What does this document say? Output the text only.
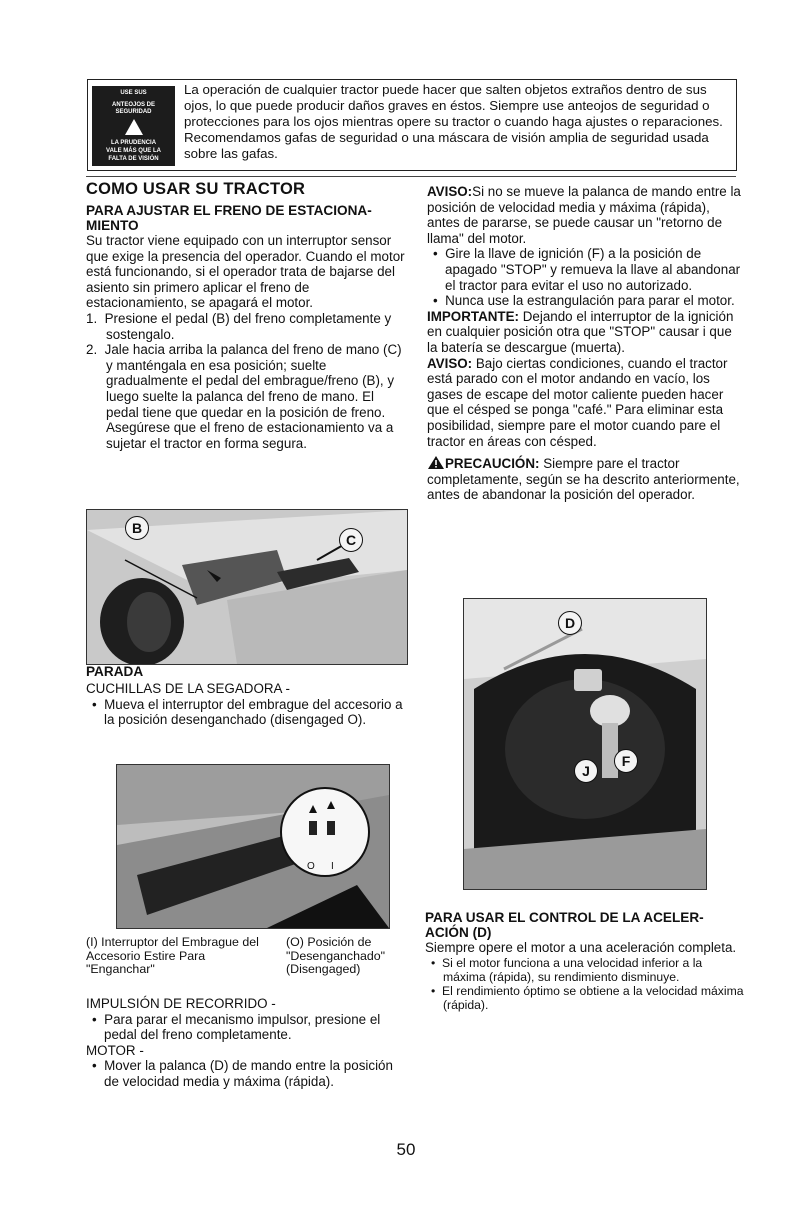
USE SUS
ANTEOJOS DE
SEGURIDAD
LA PRUDENCIA
VALE MÁS QUE LA
FALTA DE VISIÓN
La operación de cualquier tractor puede hacer que salten objetos extraños dentro de sus ojos, lo que puede producir daños graves en éstos. Siempre use anteojos de seguridad o protecciones para los ojos mientras opere su tractor o cuando haga ajustes o reparaciones. Recomendamos gafas de seguridad o una máscara de visión amplia de seguridad usada sobre las gafas.
COMO USAR SU TRACTOR
PARA AJUSTAR EL FRENO DE ESTACIONA-MIENTO

Su tractor viene equipado con un interruptor sensor que exige la presencia del operador. Cuando el motor está funcionando, si el operador trata de bajarse del asiento sin primero aplicar el freno de estacionamiento, se apagará el motor.

1. Presione el pedal (B) del freno completamente y sostengalo.

2. Jale hacia arriba la palanca del freno de mano (C) y manténgala en esa posición; suelte gradualmente el pedal del embrague/freno (B), y luego suelte la palanca del freno de mano. El pedal tiene que quedar en la posición de freno. Asegúrese que el freno de estacionamiento va a sujetar el tractor en forma segura.

B
C
PARADA

CUCHILLAS DE LA SEGADORA -

•  Mueva el interruptor del embrague del accesorio a la posición desenganchado (disengaged O).

O I
(I) Interruptor del Embrague del Accesorio Estire Para "Enganchar"
(O) Posición de "Desenganchado" (Disengaged)

IMPULSIÓN DE RECORRIDO -

•  Para parar el mecanismo impulsor, presione el pedal del freno completamente.

MOTOR -

•  Mover la palanca (D) de mando entre la posición de velocidad media y máxima (rápida).

AVISO:Si no se mueve la palanca de mando entre la posición de velocidad media y máxima (rápida), antes de pararse, se puede causar un "retorno de llama" del motor.

•  Gire la llave de ignición (F) a la posición de apagado "STOP" y remueva la llave al abandonar el tractor para evitar el uso no autorizado.

•  Nunca use la estrangulación para parar el motor.

IMPORTANTE: Dejando el interruptor de la ignición en cualquier posición otra que "STOP" causar i que la batería se descargue (muerta).

AVISO: Bajo ciertas condiciones, cuando el tractor está parado con el motor andando en vacío, los gases de escape del motor caliente pueden hacer que el césped se ponga "café." Para eliminar esta posibilidad, siempre pare el motor cuando pare el tractor en áreas con césped.

PRECAUCIÓN: Siempre pare el tractor completamente, según se ha descrito anteriormente, antes de abandonar la posición del operador.

D
F
J
PARA USAR EL CONTROL DE LA ACELER-ACIÓN (D)

Siempre opere el motor a una aceleración completa.

•  Si el motor funciona a una velocidad inferior a la máxima (rápida), su rendimiento disminuye.

•  El rendimiento óptimo se obtiene a la velocidad máxima (rápida).

50
